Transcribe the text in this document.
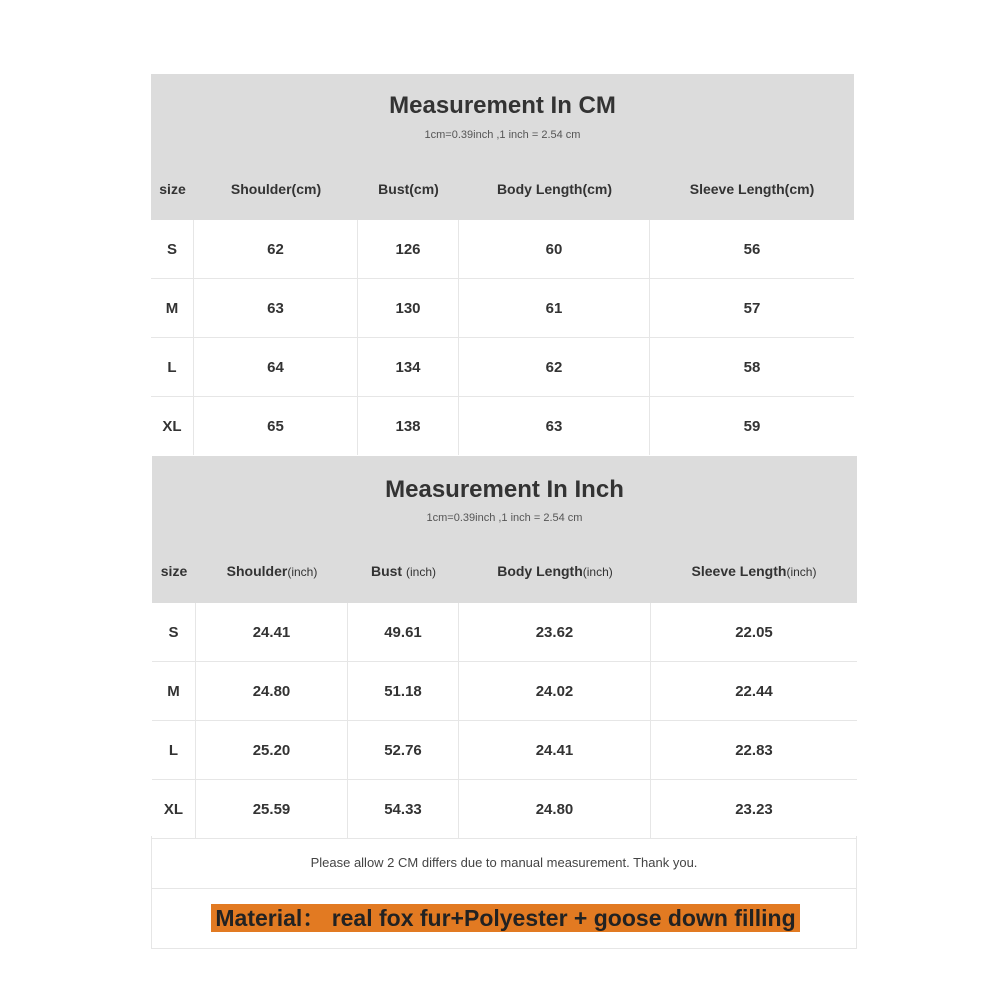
Measurement In CM
1cm=0.39inch ,1 inch = 2.54 cm
size	Shoulder(cm)	Bust(cm)	Body Length(cm)	Sleeve Length(cm)
S	62	126	60	56
M	63	130	61	57
L	64	134	62	58
XL	65	138	63	59
Measurement In Inch
1cm=0.39inch ,1 inch = 2.54 cm
size	Shoulder(inch)	Bust (inch)	Body Length(inch)	Sleeve Length(inch)
S	24.41	49.61	23.62	22.05
M	24.80	51.18	24.02	22.44
L	25.20	52.76	24.41	22.83
XL	25.59	54.33	24.80	23.23
Please allow 2 CM differs due to manual measurement. Thank you.
Material： real fox fur+Polyester + goose down filling
